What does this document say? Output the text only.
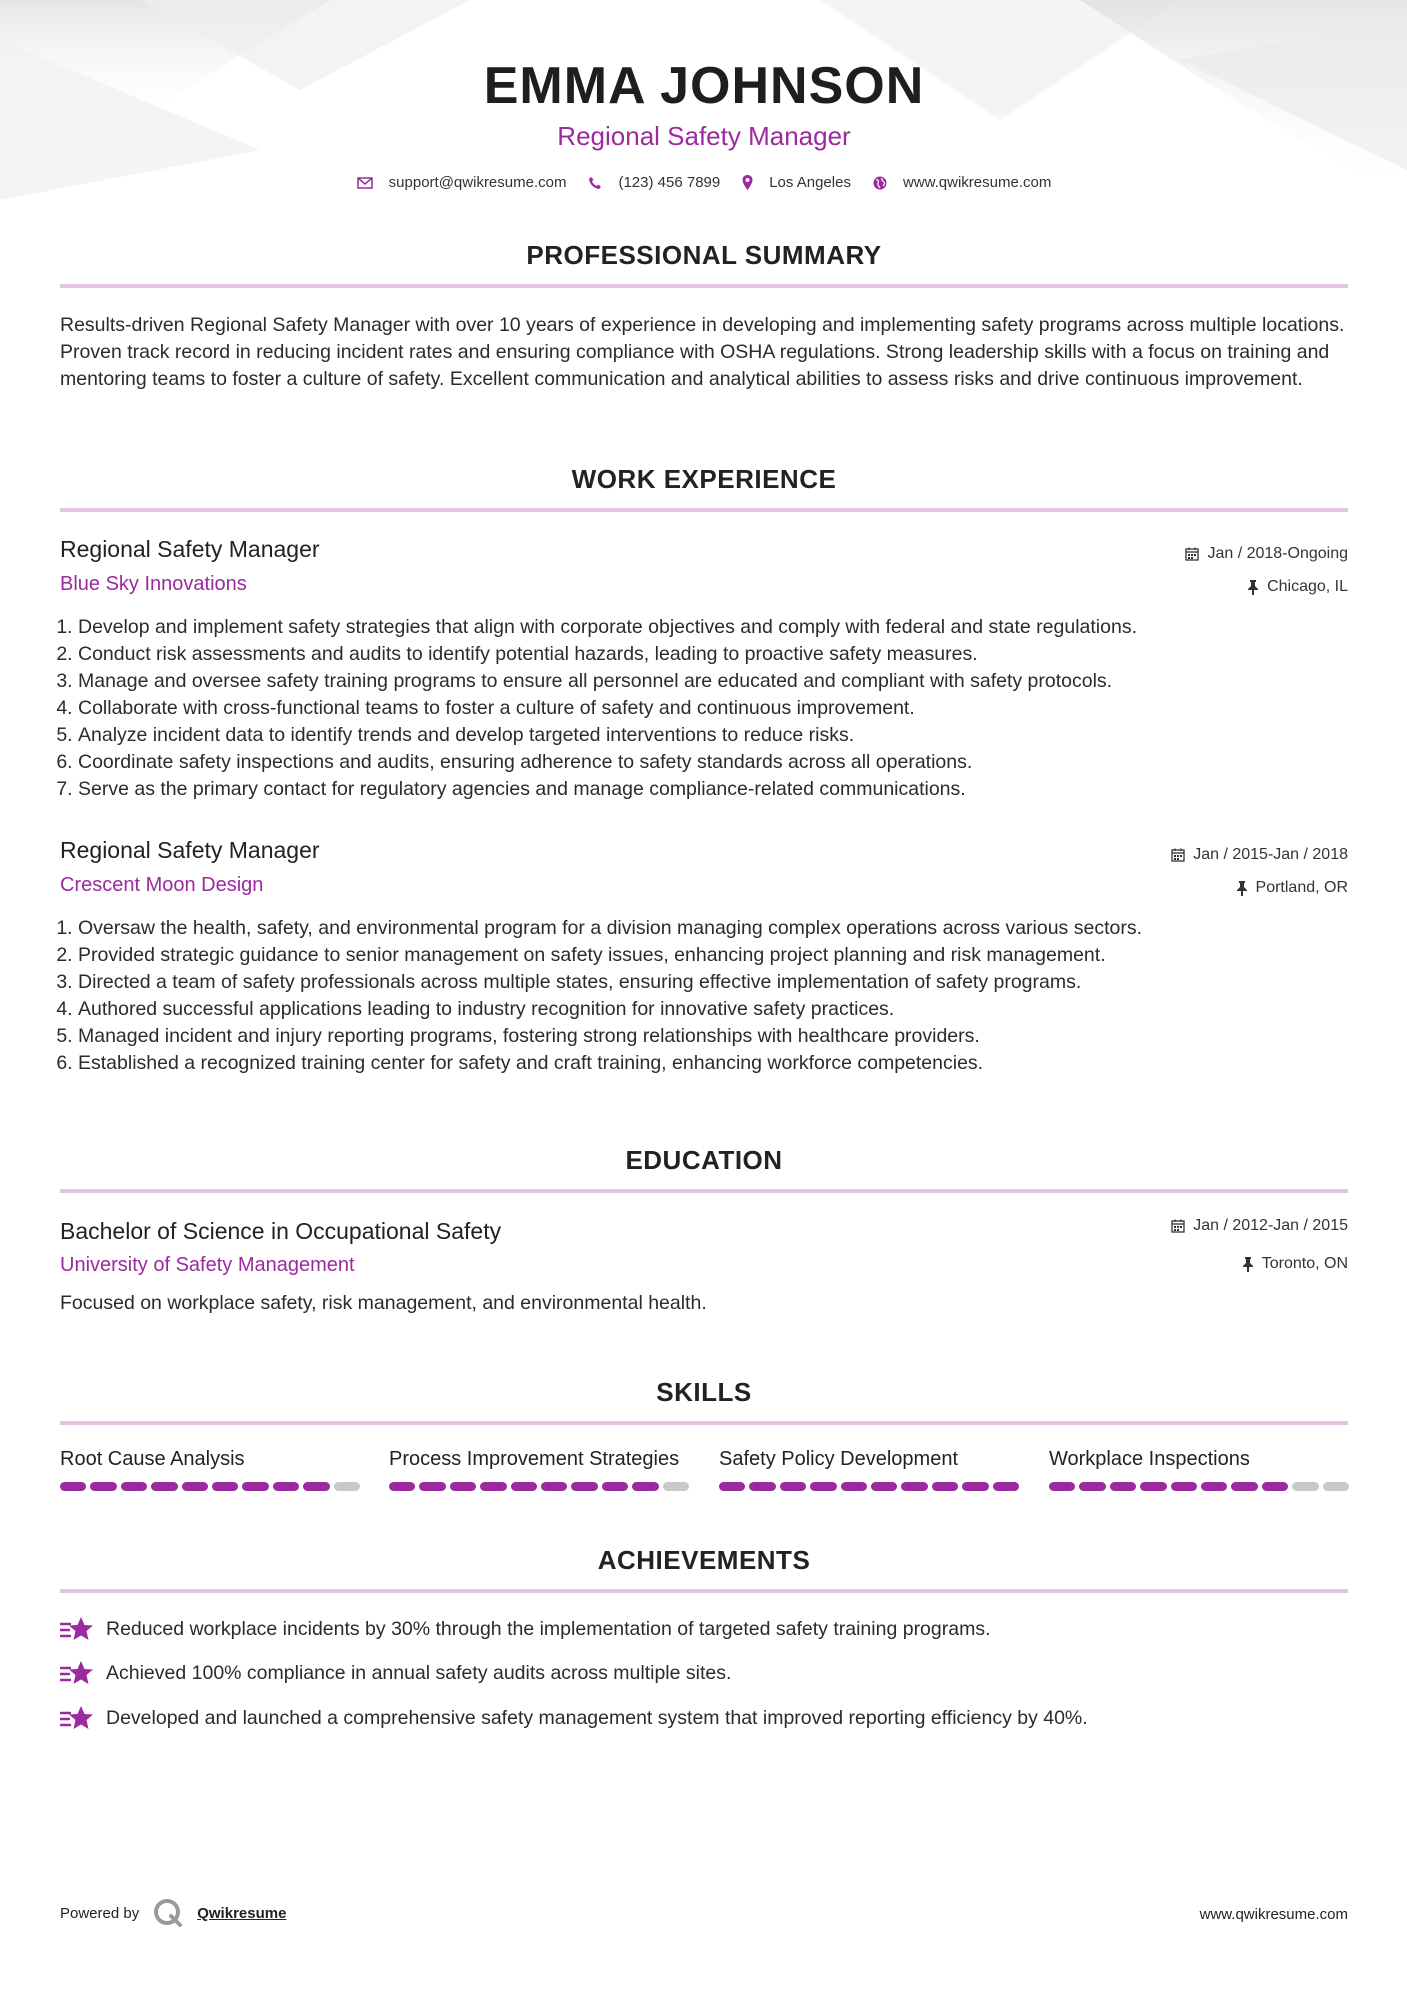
EMMA JOHNSON
Regional Safety Manager
support@qwikresume.com	(123) 456 7899	Los Angeles	www.qwikresume.com
PROFESSIONAL SUMMARY
Results-driven Regional Safety Manager with over 10 years of experience in developing and implementing safety programs across multiple locations. Proven track record in reducing incident rates and ensuring compliance with OSHA regulations. Strong leadership skills with a focus on training and mentoring teams to foster a culture of safety. Excellent communication and analytical abilities to assess risks and drive continuous improvement.
WORK EXPERIENCE
Regional Safety Manager	Jan / 2018-Ongoing
Blue Sky Innovations	Chicago, IL
1. Develop and implement safety strategies that align with corporate objectives and comply with federal and state regulations.
2. Conduct risk assessments and audits to identify potential hazards, leading to proactive safety measures.
3. Manage and oversee safety training programs to ensure all personnel are educated and compliant with safety protocols.
4. Collaborate with cross-functional teams to foster a culture of safety and continuous improvement.
5. Analyze incident data to identify trends and develop targeted interventions to reduce risks.
6. Coordinate safety inspections and audits, ensuring adherence to safety standards across all operations.
7. Serve as the primary contact for regulatory agencies and manage compliance-related communications.
Regional Safety Manager	Jan / 2015-Jan / 2018
Crescent Moon Design	Portland, OR
1. Oversaw the health, safety, and environmental program for a division managing complex operations across various sectors.
2. Provided strategic guidance to senior management on safety issues, enhancing project planning and risk management.
3. Directed a team of safety professionals across multiple states, ensuring effective implementation of safety programs.
4. Authored successful applications leading to industry recognition for innovative safety practices.
5. Managed incident and injury reporting programs, fostering strong relationships with healthcare providers.
6. Established a recognized training center for safety and craft training, enhancing workforce competencies.
EDUCATION
Bachelor of Science in Occupational Safety	Jan / 2012-Jan / 2015
University of Safety Management	Toronto, ON
Focused on workplace safety, risk management, and environmental health.
SKILLS
Root Cause Analysis	Process Improvement Strategies	Safety Policy Development	Workplace Inspections
ACHIEVEMENTS
Reduced workplace incidents by 30% through the implementation of targeted safety training programs.
Achieved 100% compliance in annual safety audits across multiple sites.
Developed and launched a comprehensive safety management system that improved reporting efficiency by 40%.
Powered by	Qwikresume	www.qwikresume.com
